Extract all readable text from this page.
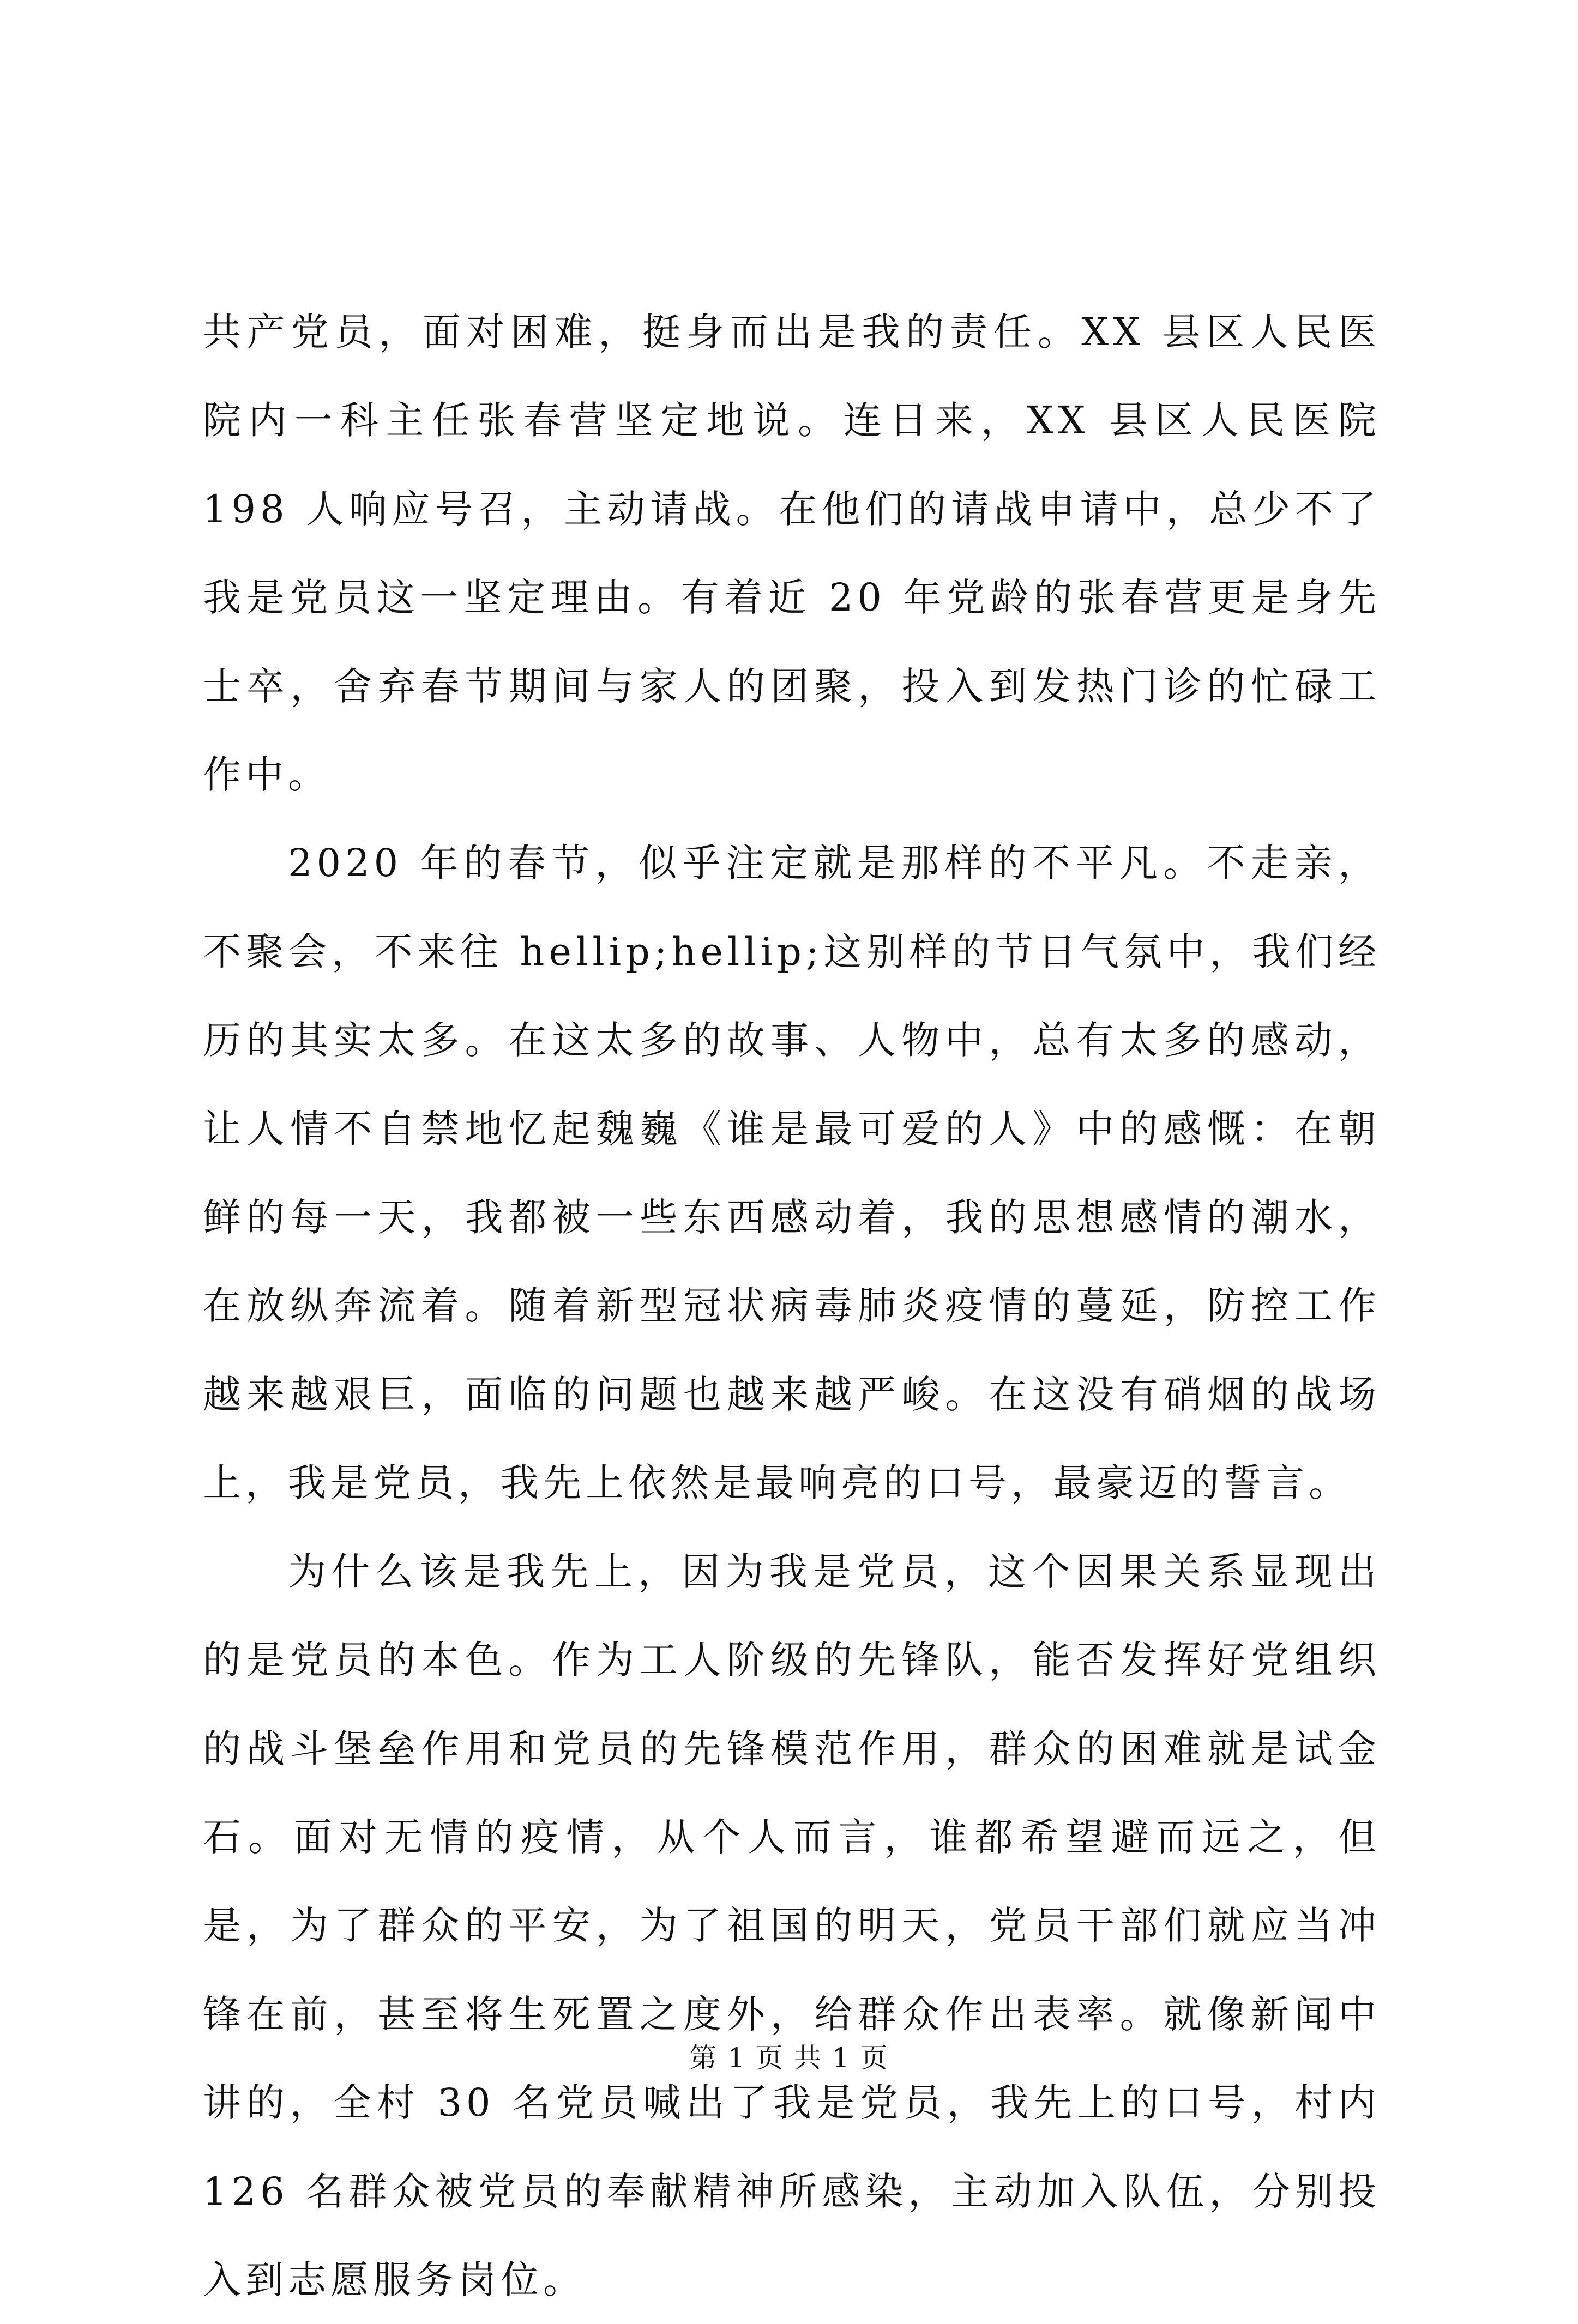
共产党员，面对困难，挺身而出是我的责任。XX 县区人民医院内一科主任张春营坚定地说。连日来，XX 县区人民医院 198 人响应号召，主动请战。在他们的请战申请中，总少不了我是党员这一坚定理由。有着近 20 年党龄的张春营更是身先士卒，舍弃春节期间与家人的团聚，投入到发热门诊的忙碌工作中。

2020 年的春节，似乎注定就是那样的不平凡。不走亲，不聚会，不来往 hellip;hellip;这别样的节日气氛中，我们经历的其实太多。在这太多的故事、人物中，总有太多的感动，让人情不自禁地忆起魏巍《谁是最可爱的人》中的感慨：在朝鲜的每一天，我都被一些东西感动着，我的思想感情的潮水，在放纵奔流着。随着新型冠状病毒肺炎疫情的蔓延，防控工作越来越艰巨，面临的问题也越来越严峻。在这没有硝烟的战场上，我是党员，我先上依然是最响亮的口号，最豪迈的誓言。

为什么该是我先上，因为我是党员，这个因果关系显现出的是党员的本色。作为工人阶级的先锋队，能否发挥好党组织的战斗堡垒作用和党员的先锋模范作用，群众的困难就是试金石。面对无情的疫情，从个人而言，谁都希望避而远之，但是，为了群众的平安，为了祖国的明天，党员干部们就应当冲锋在前，甚至将生死置之度外，给群众作出表率。就像新闻中讲的，全村 30 名党员喊出了我是党员，我先上的口号，村内 126 名群众被党员的奉献精神所感染，主动加入队伍，分别投入到志愿服务岗位。

第 1 页 共 1 页
